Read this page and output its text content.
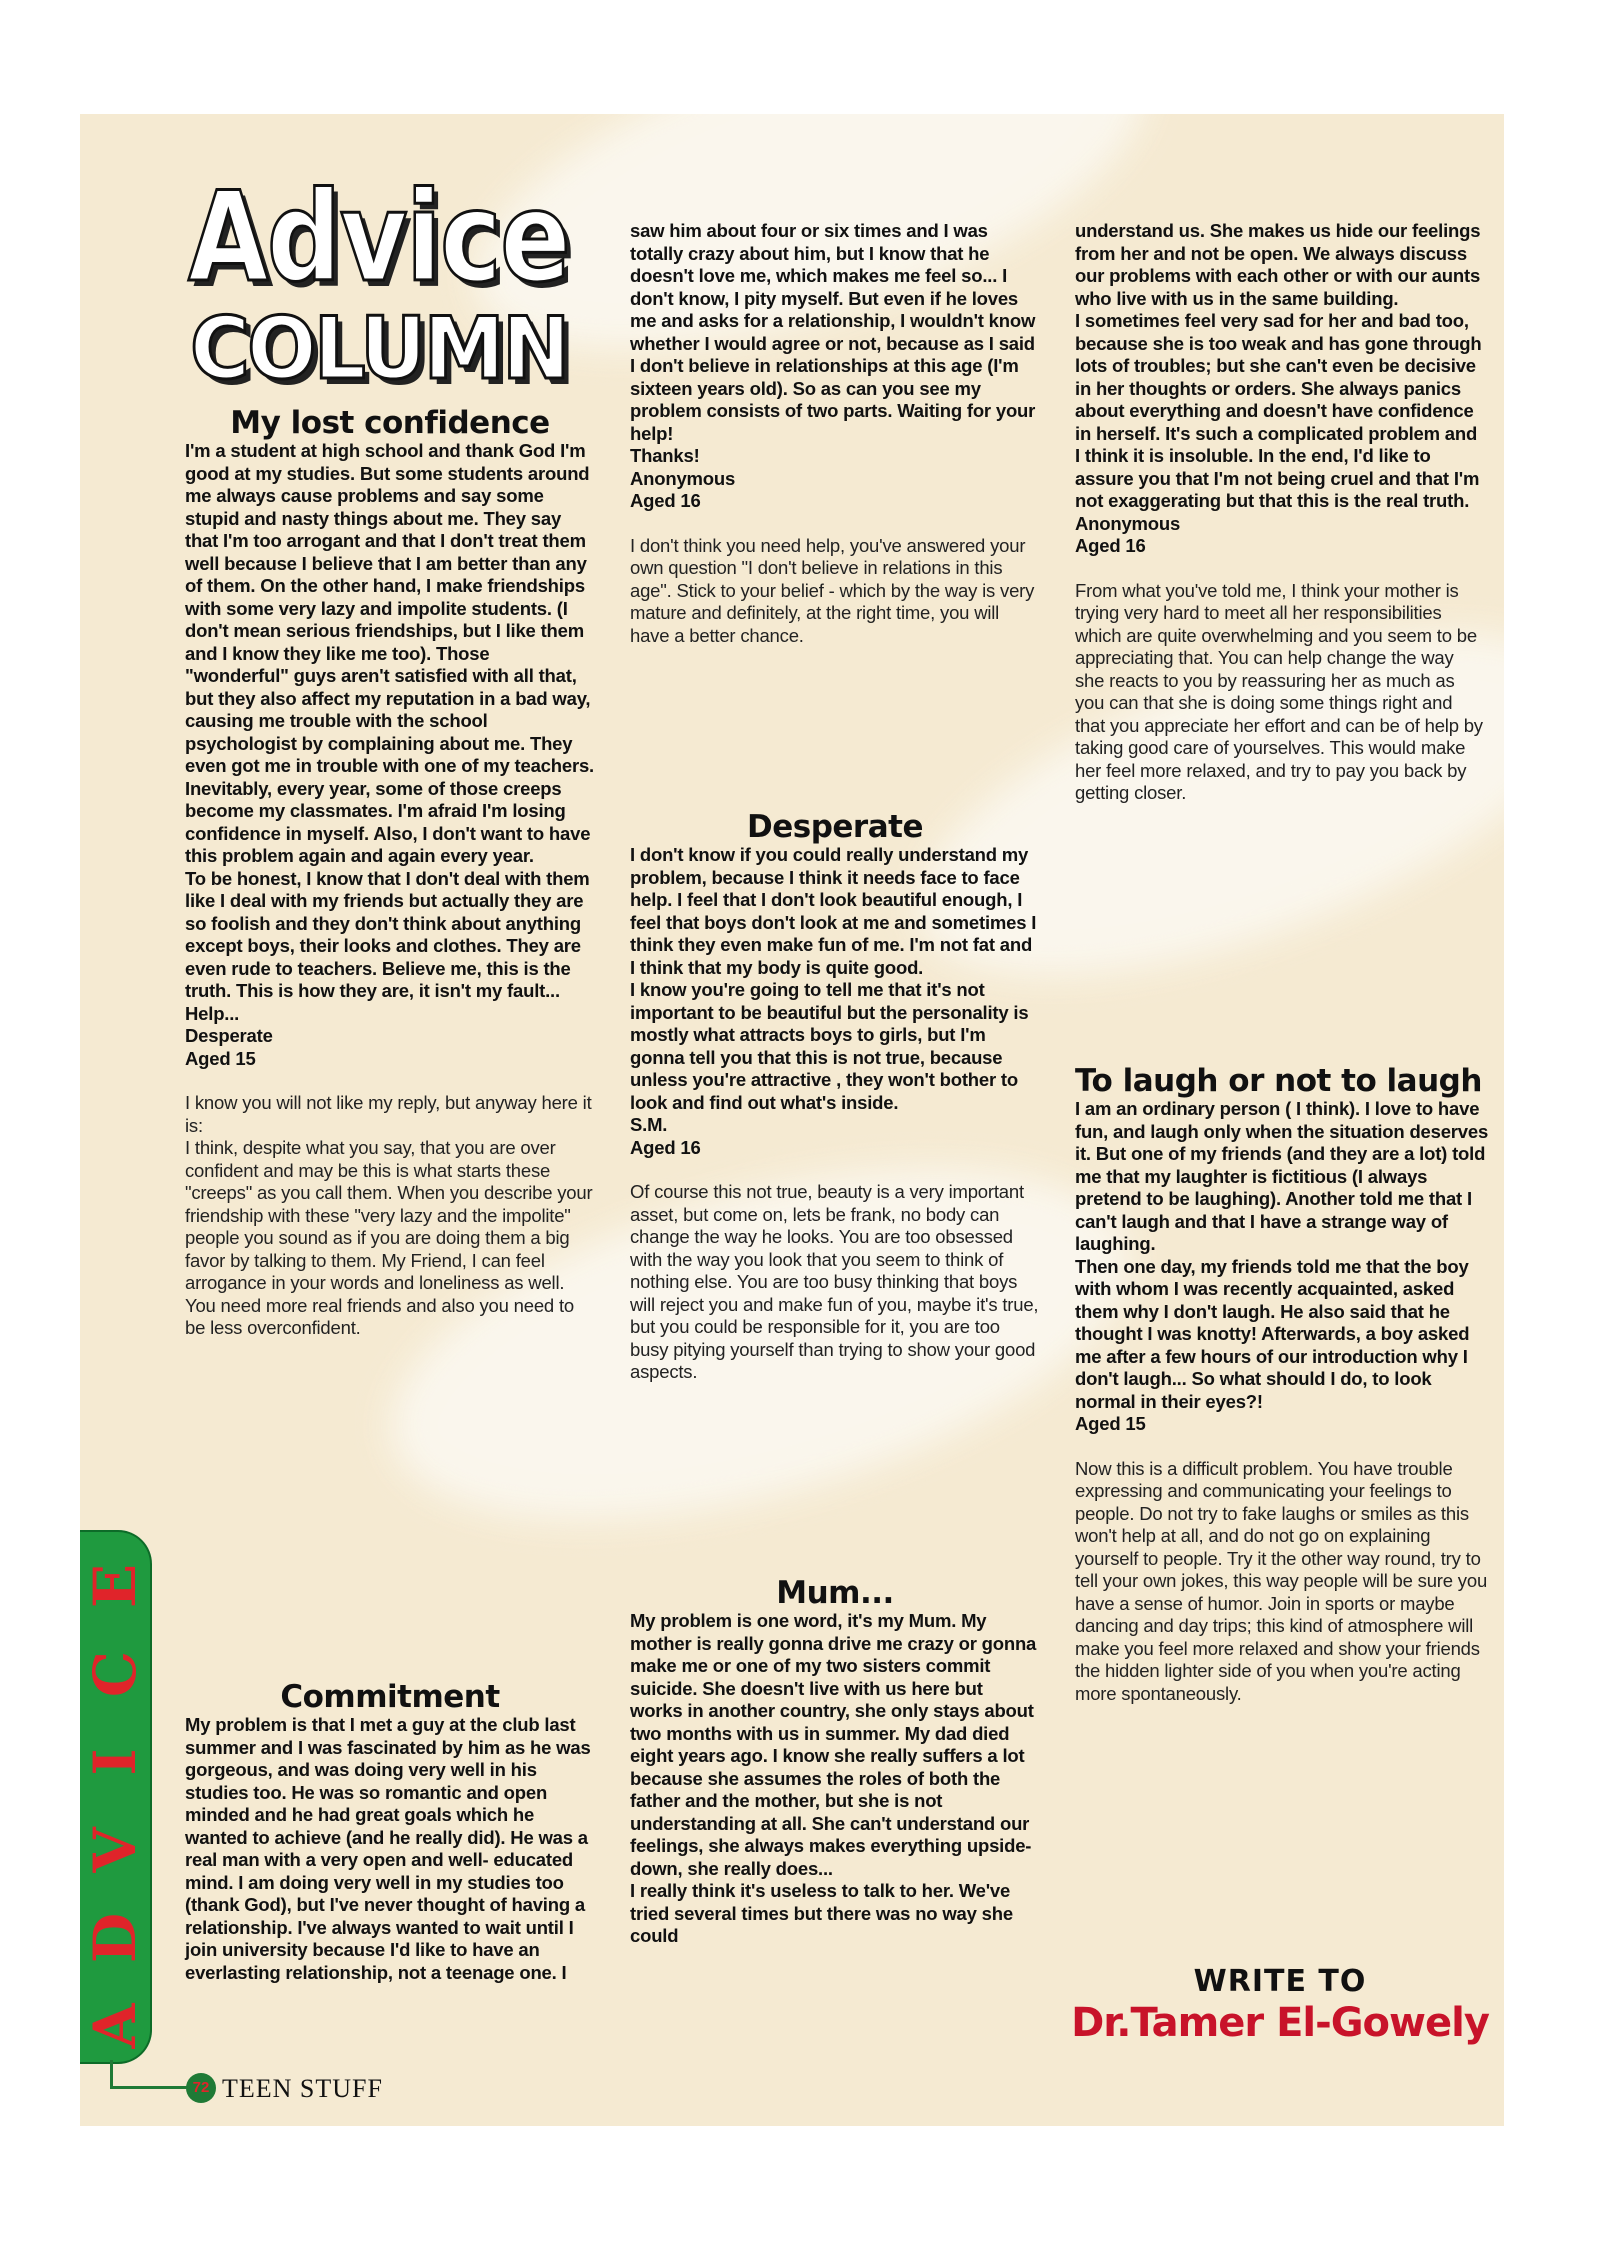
Advice
COLUMN
My lost confidence

I'm a student at high school and thank God I'm good at my studies. But some students around me always cause problems and say some stupid and nasty things about me. They say that I'm too arrogant and that I don't treat them well because I believe that I am better than any of them. On the other hand, I make friendships with some very lazy and impolite students. (I don't mean serious friendships, but I like them and I know they like me too). Those "wonderful" guys aren't satisfied with all that, but they also affect my reputation in a bad way, causing me trouble with the school psychologist by complaining about me. They even got me in trouble with one of my teachers. Inevitably, every year, some of those creeps become my classmates. I'm afraid I'm losing confidence in myself. Also, I don't want to have this problem again and again every year.

To be honest, I know that I don't deal with them like I deal with my friends but actually they are so foolish and they don't think about anything except boys, their looks and clothes. They are even rude to teachers. Believe me, this is the truth. This is how they are, it isn't my fault...

Help...

Desperate

Aged 15

I know you will not like my reply, but anyway here it is:

I think, despite what you say, that you are over confident and may be this is what starts these "creeps" as you call them. When you describe your friendship with these "very lazy and the impolite" people you sound as if you are doing them a big favor by talking to them. My Friend, I can feel arrogance in your words and loneliness as well. You need more real friends and also you need to be less overconfident.

Commitment

My problem is that I met a guy at the club last summer and I was fascinated by him as he was gorgeous, and was doing very well in his studies too. He was so romantic and open minded and he had great goals which he wanted to achieve (and he really did). He was a real man with a very open and well- educated mind. I am doing very well in my studies too (thank God), but I've never thought of having a relationship. I've always wanted to wait until I join university because I'd like to have an everlasting relationship, not a teenage one. I

saw him about four or six times and I was totally crazy about him, but I know that he doesn't love me, which makes me feel so... I don't know, I pity myself. But even if he loves me and asks for a relationship, I wouldn't know whether I would agree or not, because as I said I don't believe in relationships at this age (I'm sixteen years old). So as can you see my problem consists of two parts. Waiting for your help!

Thanks!

Anonymous

Aged 16

I don't think you need help, you've answered your own question "I don't believe in relations in this age". Stick to your belief - which by the way is very mature and definitely, at the right time, you will have a better chance.

Desperate

I don't know if you could really understand my problem, because I think it needs face to face help. I feel that I don't look beautiful enough, I feel that boys don't look at me and sometimes I think they even make fun of me. I'm not fat and I think that my body is quite good.

I know you're going to tell me that it's not important to be beautiful but the personality is mostly what attracts boys to girls, but I'm gonna tell you that this is not true, because unless you're attractive , they won't bother to look and find out what's inside.

S.M.

Aged 16

Of course this not true, beauty is a very important asset, but come on, lets be frank, no body can change the way he looks. You are too obsessed with the way you look that you seem to think of nothing else. You are too busy thinking that boys will reject you and make fun of you, maybe it's true, but you could be responsible for it, you are too busy pitying yourself than trying to show your good aspects.

Mum...

My problem is one word, it's my Mum. My mother is really gonna drive me crazy or gonna make me or one of my two sisters commit suicide. She doesn't live with us here but works in another country, she only stays about two months with us in summer. My dad died eight years ago. I know she really suffers a lot because she assumes the roles of both the father and the mother, but she is not understanding at all. She can't understand our feelings, she always makes everything upside-down, she really does...

I really think it's useless to talk to her. We've tried several times but there was no way she could

understand us. She makes us hide our feelings from her and not be open. We always discuss our problems with each other or with our aunts who live with us in the same building.

I sometimes feel very sad for her and bad too, because she is too weak and has gone through lots of troubles; but she can't even be decisive in her thoughts or orders. She always panics about everything and doesn't have confidence in herself. It's such a complicated problem and I think it is insoluble. In the end, I'd like to assure you that I'm not being cruel and that I'm not exaggerating but that this is the real truth.

Anonymous

Aged 16

From what you've told me, I think your mother is trying very hard to meet all her responsibilities which are quite overwhelming and you seem to be appreciating that. You can help change the way she reacts to you by reassuring her as much as you can that she is doing some things right and that you appreciate her effort and can be of help by taking good care of yourselves. This would make her feel more relaxed, and try to pay you back by getting closer.

To laugh or not to laugh

I am an ordinary person ( I think). I love to have fun, and laugh only when the situation deserves it. But one of my friends (and they are a lot) told me that my laughter is fictitious (I always pretend to be laughing). Another told me that I can't laugh and that I have a strange way of laughing.

Then one day, my friends told me that the boy with whom I was recently acquainted, asked them why I don't laugh. He also said that he thought I was knotty! Afterwards, a boy asked me after a few hours of our introduction why I don't laugh... So what should I do, to look normal in their eyes?!

Aged 15

Now this is a difficult problem. You have trouble expressing and communicating your feelings to people. Do not try to fake laughs or smiles as this won't help at all, and do not go on explaining yourself to people. Try it the other way round, try to tell your own jokes, this way people will be sure you have a sense of humor. Join in sports or maybe dancing and day trips; this kind of atmosphere will make you feel more relaxed and show your friends the hidden lighter side of you when you're acting more spontaneously.

WRITE TO
Dr.Tamer El-Gowely
E
C
I
V
D
A
72 TEEN STUFF
